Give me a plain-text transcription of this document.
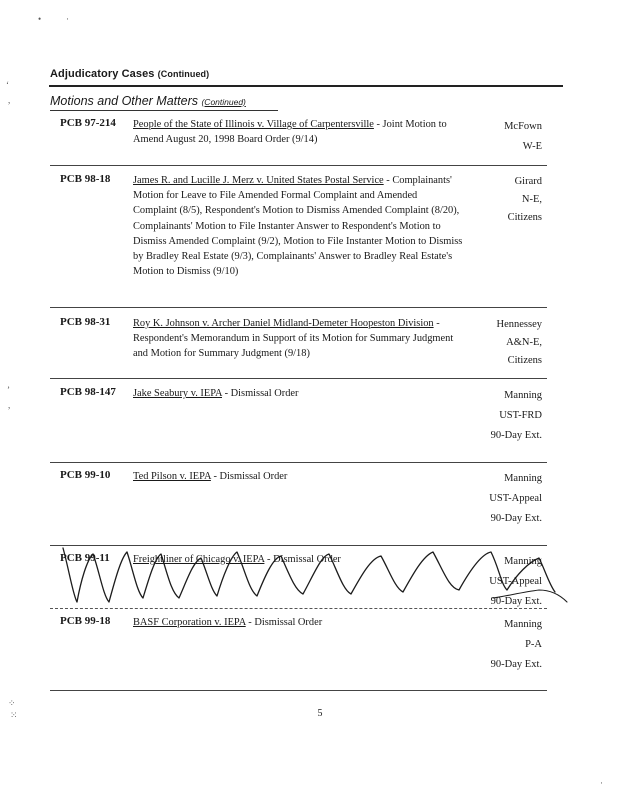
•	·
‘
,
’
,
⁘
⁙
·
Adjudicatory Cases (Continued)
Motions and Other Matters (Continued)
PCB 97-214 People of the State of Illinois v. Village of Carpentersville - Joint Motion to Amend August 20, 1998 Board Order (9/14)
McFown
W-E
PCB 98-18 James R. and Lucille J. Merz v. United States Postal Service - Complainants' Motion for Leave to File Amended Formal Complaint and Amended Complaint (8/5), Respondent's Motion to Dismiss Amended Complaint (8/20), Complainants' Motion to File Instanter Answer to Respondent's Motion to Dismiss Amended Complaint (9/2), Motion to File Instanter Motion to Dismiss by Bradley Real Estate (9/3), Complainants' Answer to Bradley Real Estate's Motion to Dismiss (9/10)
Girard
N-E,
Citizens
PCB 98-31 Roy K. Johnson v. Archer Daniel Midland-Demeter Hoopeston Division - Respondent's Memorandum in Support of its Motion for Summary Judgment and Motion for Summary Judgment (9/18)
Hennessey
A&N-E,
Citizens
PCB 98-147 Jake Seabury v. IEPA - Dismissal Order	Manning
UST-FRD
90-Day Ext.
PCB 99-10 Ted Pilson v. IEPA - Dismissal Order	Manning
UST-Appeal
90-Day Ext.
PCB 99-11 Freightliner of Chicago v. IEPA - Dismissal Order	Manning
UST-Appeal
90-Day Ext.
PCB 99-18 BASF Corporation v. IEPA - Dismissal Order	Manning
P-A
90-Day Ext.
5
